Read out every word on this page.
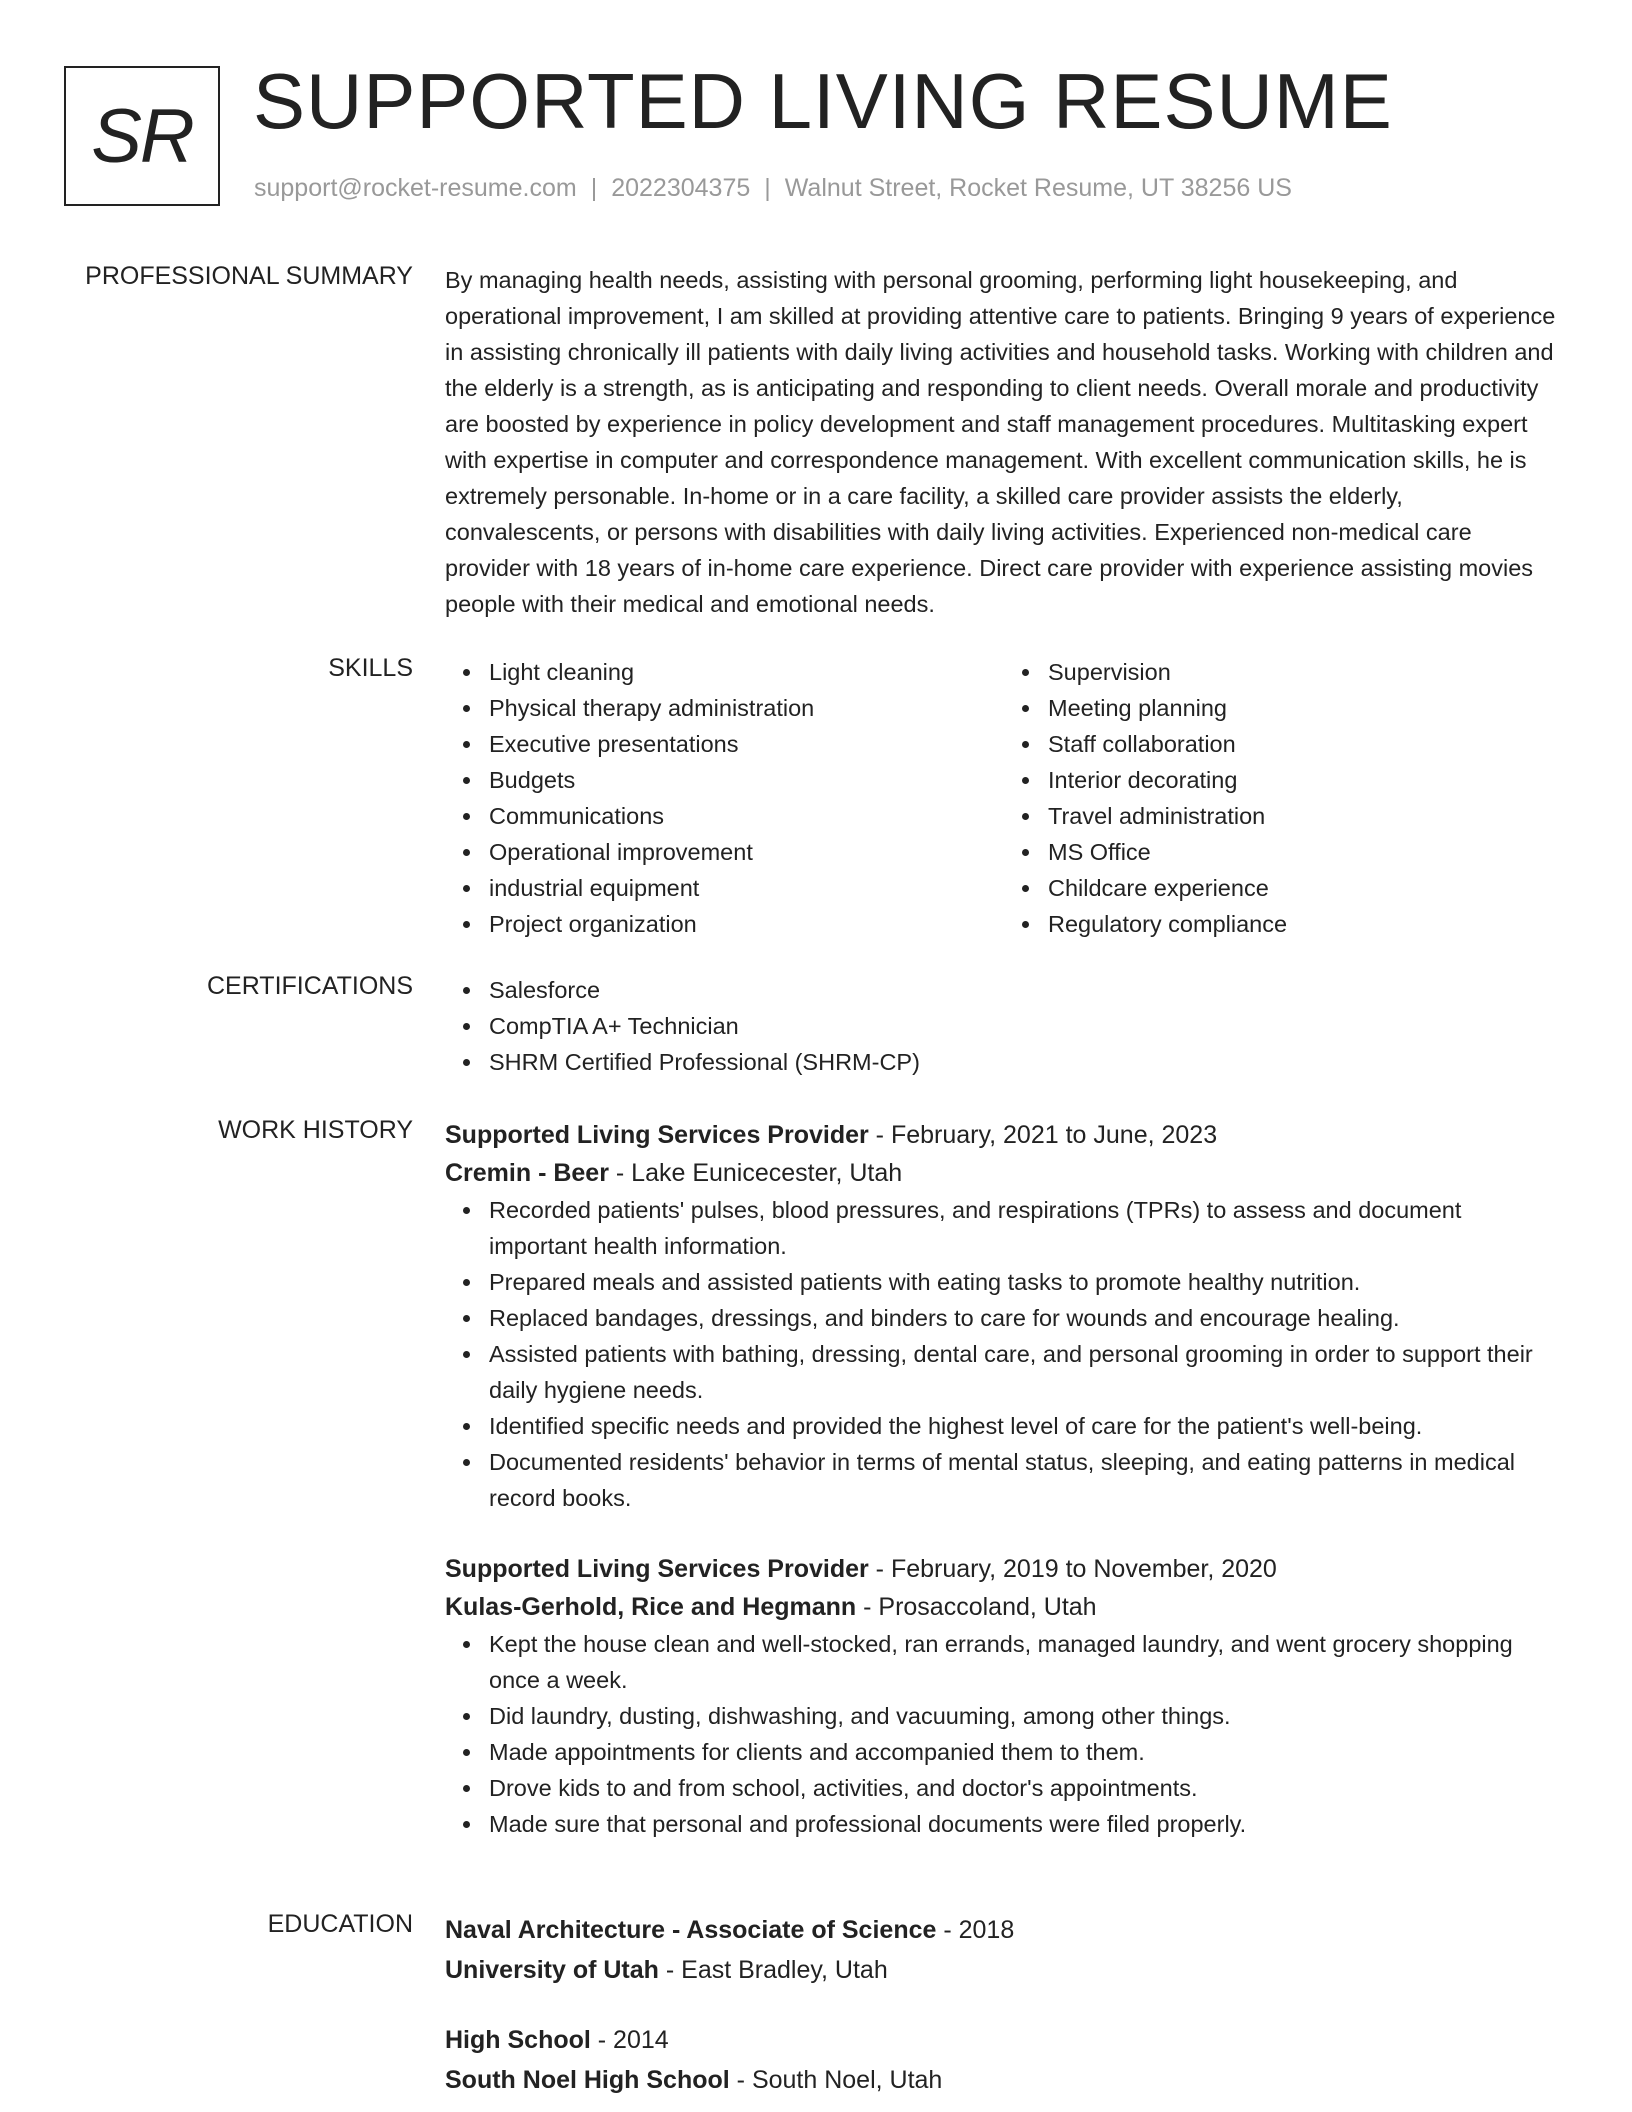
SR SUPPORTED LIVING RESUME
support@rocket-resume.com | 2022304375 | Walnut Street, Rocket Resume, UT 38256 US
PROFESSIONAL SUMMARY By managing health needs, assisting with personal grooming, performing light housekeeping, and operational improvement, I am skilled at providing attentive care to patients. Bringing 9 years of experience in assisting chronically ill patients with daily living activities and household tasks. Working with children and the elderly is a strength, as is anticipating and responding to client needs. Overall morale and productivity are boosted by experience in policy development and staff management procedures. Multitasking expert with expertise in computer and correspondence management. With excellent communication skills, he is extremely personable. In-home or in a care facility, a skilled care provider assists the elderly, convalescents, or persons with disabilities with daily living activities. Experienced non-medical care provider with 18 years of in-home care experience. Direct care provider with experience assisting movies people with their medical and emotional needs.

SKILLS	Light cleaning
Physical therapy administration
Executive presentations
Budgets
Communications
Operational improvement
industrial equipment
Project organization
Supervision
Meeting planning
Staff collaboration
Interior decorating
Travel administration
MS Office
Childcare experience
Regulatory compliance
CERTIFICATIONS	Salesforce
CompTIA A+ Technician
SHRM Certified Professional (SHRM-CP)
WORK HISTORY Supported Living Services Provider - February, 2021 to June, 2023
Cremin - Beer - Lake Eunicecester, Utah
Recorded patients' pulses, blood pressures, and respirations (TPRs) to assess and document important health information.
Prepared meals and assisted patients with eating tasks to promote healthy nutrition.
Replaced bandages, dressings, and binders to care for wounds and encourage healing.
Assisted patients with bathing, dressing, dental care, and personal grooming in order to support their daily hygiene needs.
Identified specific needs and provided the highest level of care for the patient's well-being.
Documented residents' behavior in terms of mental status, sleeping, and eating patterns in medical record books.
Supported Living Services Provider - February, 2019 to November, 2020
Kulas-Gerhold, Rice and Hegmann - Prosaccoland, Utah
Kept the house clean and well-stocked, ran errands, managed laundry, and went grocery shopping once a week.
Did laundry, dusting, dishwashing, and vacuuming, among other things.
Made appointments for clients and accompanied them to them.
Drove kids to and from school, activities, and doctor's appointments.
Made sure that personal and professional documents were filed properly.
EDUCATION Naval Architecture - Associate of Science - 2018
University of Utah - East Bradley, Utah
High School - 2014
South Noel High School - South Noel, Utah
